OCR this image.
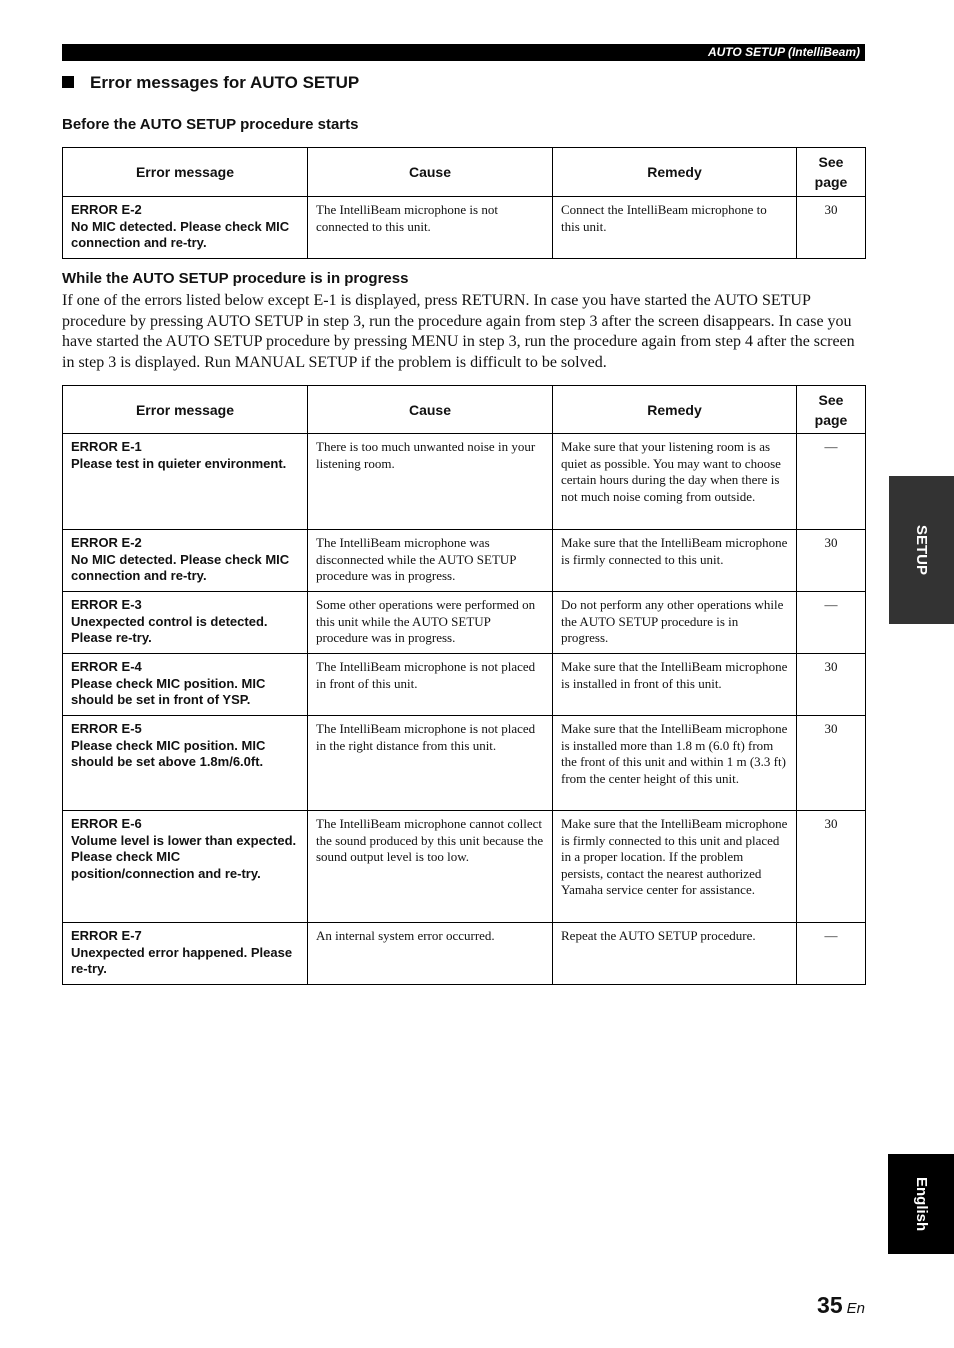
AUTO SETUP (IntelliBeam)
Error messages for AUTO SETUP
Before the AUTO SETUP procedure starts
Error message	Cause	Remedy	See page

ERROR E-2
No MIC detected. Please check MIC connection and re-try.	The IntelliBeam microphone is not connected to this unit.	Connect the IntelliBeam microphone to this unit.	30
While the AUTO SETUP procedure is in progress
If one of the errors listed below except E-1 is displayed, press RETURN. In case you have started the AUTO SETUP procedure by pressing AUTO SETUP in step 3, run the procedure again from step 3 after the screen disappears. In case you have started the AUTO SETUP procedure by pressing MENU in step 3, run the procedure again from step 4 after the screen in step 3 is displayed. Run MANUAL SETUP if the problem is difficult to be solved.
Error message	Cause	Remedy	See page

ERROR E-1
Please test in quieter environment.	There is too much unwanted noise in your listening room.	Make sure that your listening room is as quiet as possible. You may want to choose certain hours during the day when there is not much noise coming from outside.	—

ERROR E-2
No MIC detected. Please check MIC connection and re-try.	The IntelliBeam microphone was disconnected while the AUTO SETUP procedure was in progress.	Make sure that the IntelliBeam microphone is firmly connected to this unit.	30

ERROR E-3
Unexpected control is detected. Please re-try.	Some other operations were performed on this unit while the AUTO SETUP procedure was in progress.	Do not perform any other operations while the AUTO SETUP procedure is in progress.	—

ERROR E-4
Please check MIC position. MIC should be set in front of YSP.	The IntelliBeam microphone is not placed in front of this unit.	Make sure that the IntelliBeam microphone is installed in front of this unit.	30

ERROR E-5
Please check MIC position. MIC should be set above 1.8m/6.0ft.	The IntelliBeam microphone is not placed in the right distance from this unit.	Make sure that the IntelliBeam microphone is installed more than 1.8 m (6.0 ft) from the front of this unit and within 1 m (3.3 ft) from the center height of this unit.	30

ERROR E-6
Volume level is lower than expected. Please check MIC position/connection and re-try.	The IntelliBeam microphone cannot collect the sound produced by this unit because the sound output level is too low.	Make sure that the IntelliBeam microphone is firmly connected to this unit and placed in a proper location. If the problem persists, contact the nearest authorized Yamaha service center for assistance.	30

ERROR E-7
Unexpected error happened. Please re-try.	An internal system error occurred.	Repeat the AUTO SETUP procedure.	—
SETUP
English
35 En
